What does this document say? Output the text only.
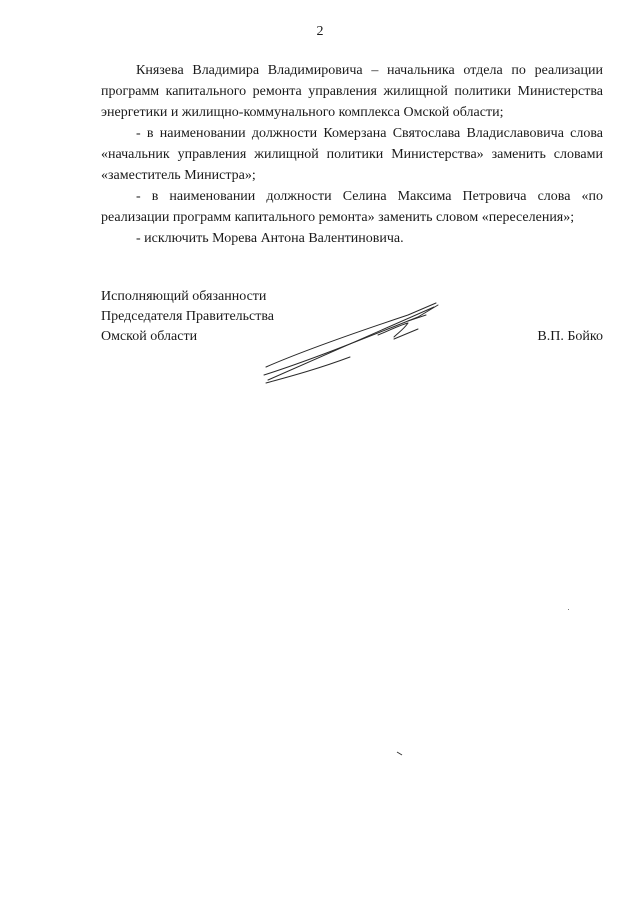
2

Князева Владимира Владимировича – начальника отдела по реализации программ капитального ремонта управления жилищной политики Министерства энергетики и жилищно-коммунального комплекса Омской области;

- в наименовании должности Комерзана Святослава Владиславовича слова «начальник управления жилищной политики Министерства» заменить словами «заместитель Министра»;

- в наименовании должности Селина Максима Петровича слова «по реализации программ капитального ремонта» заменить словом «переселения»;

- исключить Морева Антона Валентиновича.

Исполняющий обязанности
Председателя Правительства
Омской области	В.П. Бойко
